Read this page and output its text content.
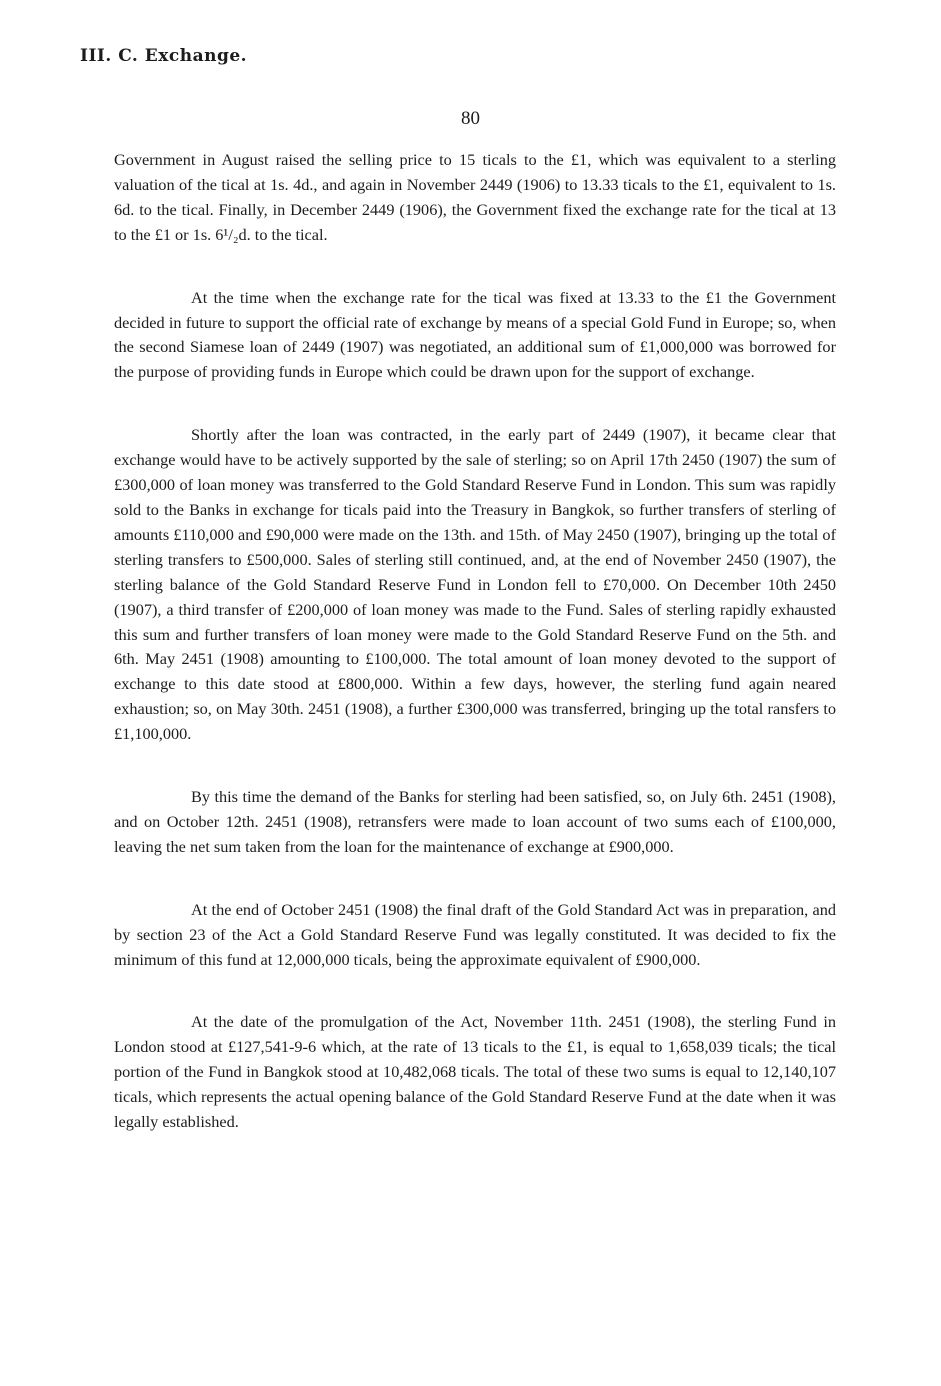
III. C. Exchange.
80

Government in August raised the selling price to 15 ticals to the £1, which was equivalent to a sterling valuation of the tical at 1s. 4d., and again in November 2449 (1906) to 13.33 ticals to the £1, equivalent to 1s. 6d. to the tical. Finally, in December 2449 (1906), the Government fixed the exchange rate for the tical at 13 to the £1 or 1s. 6¹/₂d. to the tical.

At the time when the exchange rate for the tical was fixed at 13.33 to the £1 the Government decided in future to support the official rate of exchange by means of a special Gold Fund in Europe; so, when the second Siamese loan of 2449 (1907) was negotiated, an additional sum of £1,000,000 was borrowed for the purpose of providing funds in Europe which could be drawn upon for the support of exchange.

Shortly after the loan was contracted, in the early part of 2449 (1907), it became clear that exchange would have to be actively supported by the sale of sterling; so on April 17th 2450 (1907) the sum of £300,000 of loan money was transferred to the Gold Standard Reserve Fund in London. This sum was rapidly sold to the Banks in exchange for ticals paid into the Treasury in Bangkok, so further transfers of sterling of amounts £110,000 and £90,000 were made on the 13th. and 15th. of May 2450 (1907), bringing up the total of sterling transfers to £500,000. Sales of sterling still continued, and, at the end of November 2450 (1907), the sterling balance of the Gold Standard Reserve Fund in London fell to £70,000. On December 10th 2450 (1907), a third transfer of £200,000 of loan money was made to the Fund. Sales of sterling rapidly exhausted this sum and further transfers of loan money were made to the Gold Standard Reserve Fund on the 5th. and 6th. May 2451 (1908) amounting to £100,000. The total amount of loan money devoted to the support of exchange to this date stood at £800,000. Within a few days, however, the sterling fund again neared exhaustion; so, on May 30th. 2451 (1908), a further £300,000 was transferred, bringing up the total ransfers to £1,100,000.

By this time the demand of the Banks for sterling had been satisfied, so, on July 6th. 2451 (1908), and on October 12th. 2451 (1908), retransfers were made to loan account of two sums each of £100,000, leaving the net sum taken from the loan for the maintenance of exchange at £900,000.

At the end of October 2451 (1908) the final draft of the Gold Standard Act was in preparation, and by section 23 of the Act a Gold Standard Reserve Fund was legally constituted. It was decided to fix the minimum of this fund at 12,000,000 ticals, being the approximate equivalent of £900,000.

At the date of the promulgation of the Act, November 11th. 2451 (1908), the sterling Fund in London stood at £127,541-9-6 which, at the rate of 13 ticals to the £1, is equal to 1,658,039 ticals; the tical portion of the Fund in Bangkok stood at 10,482,068 ticals. The total of these two sums is equal to 12,140,107 ticals, which represents the actual opening balance of the Gold Standard Reserve Fund at the date when it was legally established.
